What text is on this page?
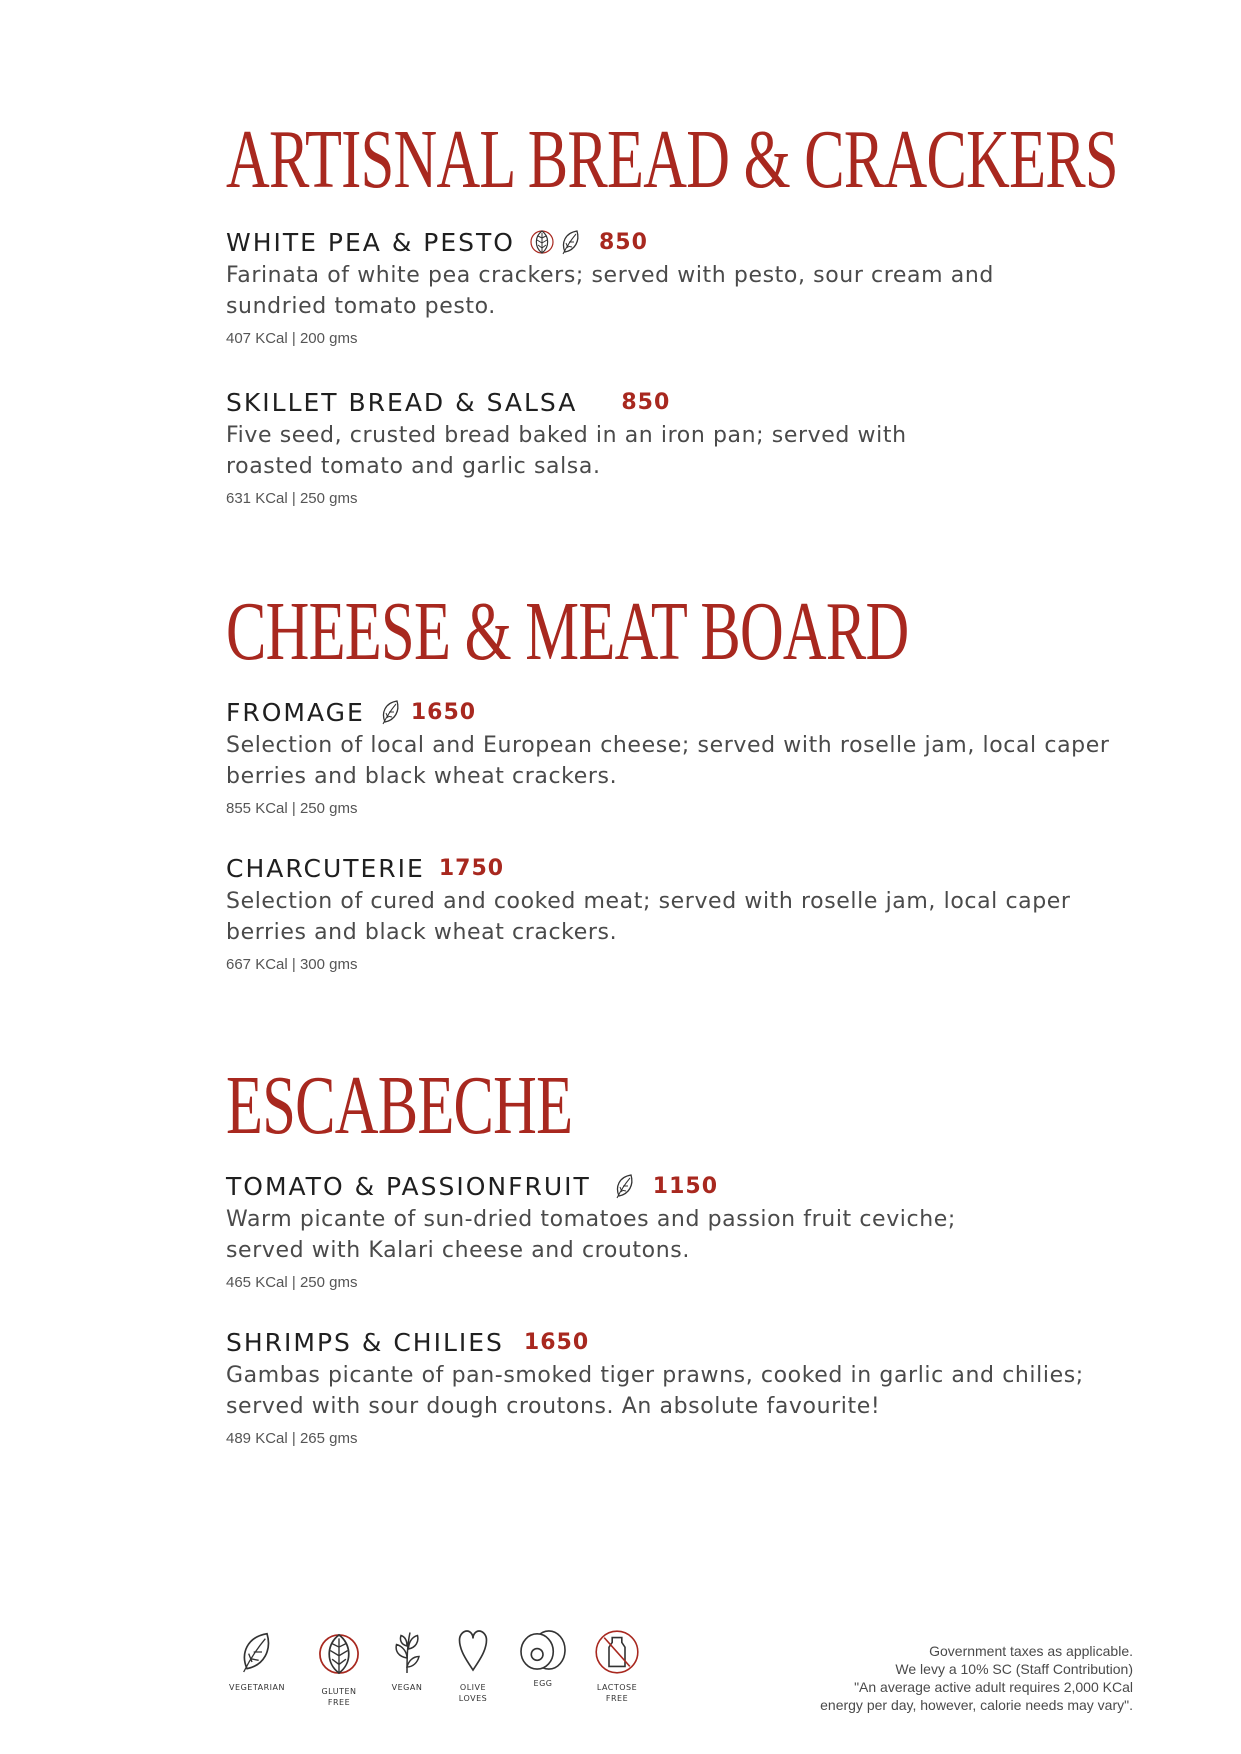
ARTISNAL BREAD & CRACKERS
WHITE PEA & PESTO	850
Farinata of white pea crackers; served with pesto, sour cream and
sundried tomato pesto.
407 KCal | 200 gms
SKILLET BREAD & SALSA 850
Five seed, crusted bread baked in an iron pan; served with
roasted tomato and garlic salsa.
631 KCal | 250 gms
CHEESE & MEAT BOARD
FROMAGE 1650
Selection of local and European cheese; served with roselle jam, local caper
berries and black wheat crackers.
855 KCal | 250 gms
CHARCUTERIE 1750
Selection of cured and cooked meat; served with roselle jam, local caper
berries and black wheat crackers.
667 KCal | 300 gms
ESCABECHE
TOMATO & PASSIONFRUIT	1150
Warm picante of sun-dried tomatoes and passion fruit ceviche;
served with Kalari cheese and croutons.
465 KCal | 250 gms
SHRIMPS & CHILIES 1650
Gambas picante of pan-smoked tiger prawns, cooked in garlic and chilies;
served with sour dough croutons. An absolute favourite!
489 KCal | 265 gms
VEGETARIAN	GLUTEN
FREE
VEGAN	OLIVE
LOVES
EGG	LACTOSE
FREE
Government taxes as applicable.
We levy a 10% SC (Staff Contribution)
"An average active adult requires 2,000 KCal
energy per day, however, calorie needs may vary".
